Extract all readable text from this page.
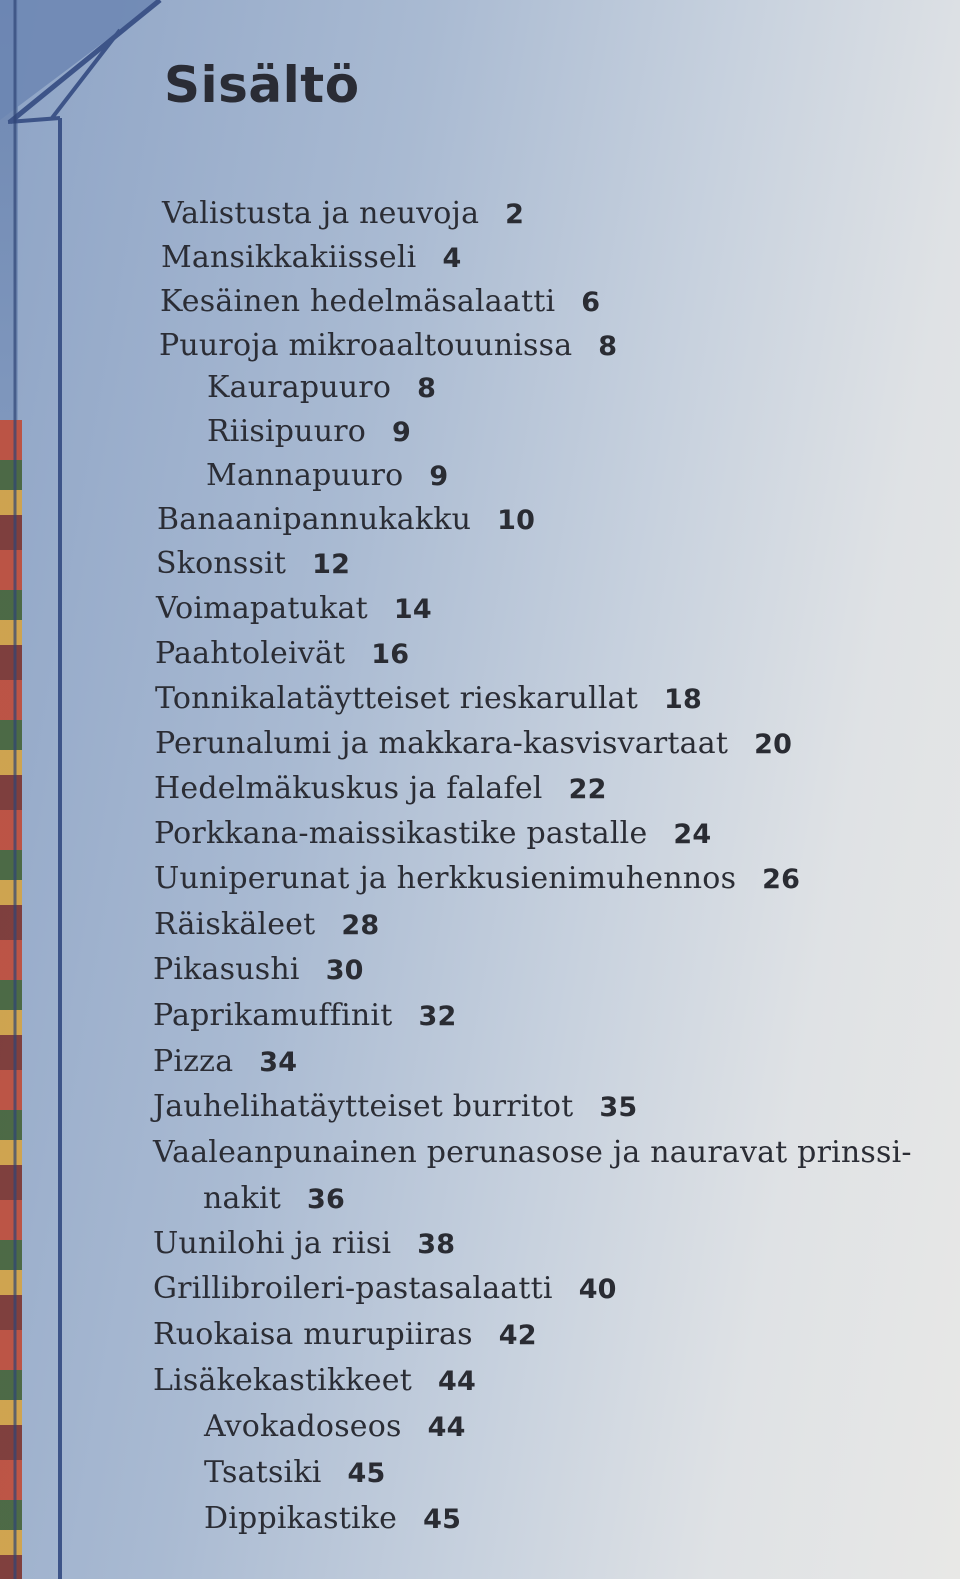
Sisältö
Valistusta ja neuvoja 2
Mansikkakiisseli 4
Kesäinen hedelmäsalaatti 6
Puuroja mikroaaltouunissa 8
Kaurapuuro 8
Riisipuuro 9
Mannapuuro 9
Banaanipannukakku 10
Skonssit 12
Voimapatukat 14
Paahtoleivät 16
Tonnikalatäytteiset rieskarullat 18
Perunalumi ja makkara-kasvisvartaat 20
Hedelmäkuskus ja falafel 22
Porkkana-maissikastike pastalle 24
Uuniperunat ja herkkusienimuhennos 26
Räiskäleet 28
Pikasushi 30
Paprikamuffinit 32
Pizza 34
Jauhelihatäytteiset burritot 35
Vaaleanpunainen perunasose ja nauravat prinssi-
nakit 36
Uunilohi ja riisi 38
Grillibroileri-pastasalaatti 40
Ruokaisa murupiiras 42
Lisäkekastikkeet 44
Avokadoseos 44
Tsatsiki 45
Dippikastike 45
